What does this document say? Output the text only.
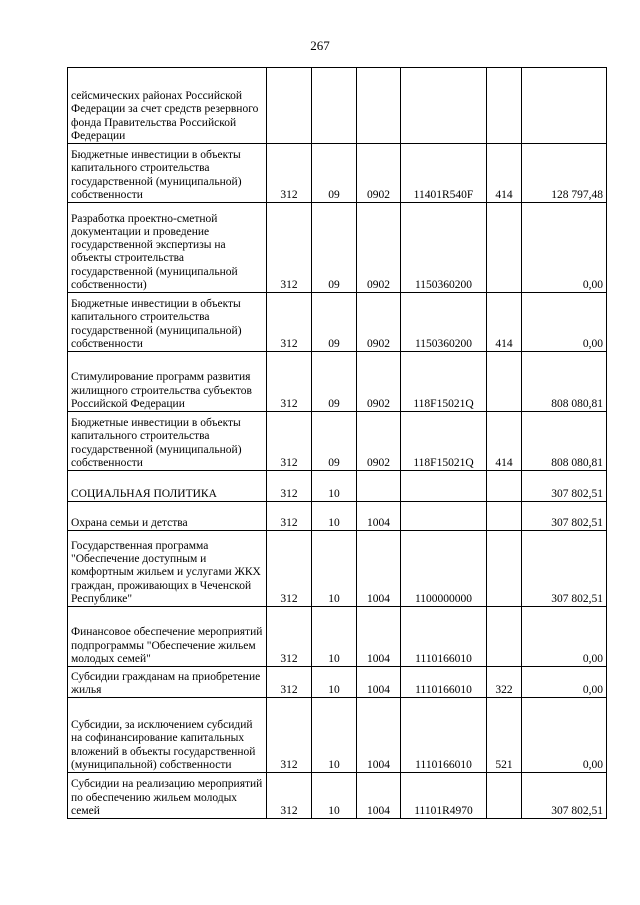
267
сейсмических районах Российской Федерации за счет средств резервного фонда Правительства Российской Федерации						
Бюджетные инвестиции в объекты капитального строительства государственной (муниципальной) собственности	312	09	0902	11401R540F	414	128 797,48
Разработка проектно-сметной документации и проведение государственной экспертизы на объекты строительства государственной (муниципальной собственности)	312	09	0902	1150360200		0,00
Бюджетные инвестиции в объекты капитального строительства государственной (муниципальной) собственности	312	09	0902	1150360200	414	0,00
Стимулирование программ развития жилищного строительства субъектов Российской Федерации	312	09	0902	118F15021Q		808 080,81
Бюджетные инвестиции в объекты капитального строительства государственной (муниципальной) собственности	312	09	0902	118F15021Q	414	808 080,81
СОЦИАЛЬНАЯ ПОЛИТИКА	312	10				307 802,51
Охрана семьи и детства	312	10	1004			307 802,51
Государственная программа "Обеспечение доступным и комфортным жильем и услугами ЖКХ граждан, проживающих в Чеченской Республике"	312	10	1004	1100000000		307 802,51
Финансовое обеспечение мероприятий подпрограммы "Обеспечение жильем молодых семей"	312	10	1004	1110166010		0,00
Субсидии гражданам на приобретение жилья	312	10	1004	1110166010	322	0,00
Субсидии, за исключением субсидий на софинансирование капитальных вложений в объекты государственной (муниципальной) собственности	312	10	1004	1110166010	521	0,00
Субсидии на реализацию мероприятий по обеспечению жильем молодых семей	312	10	1004	11101R4970		307 802,51
